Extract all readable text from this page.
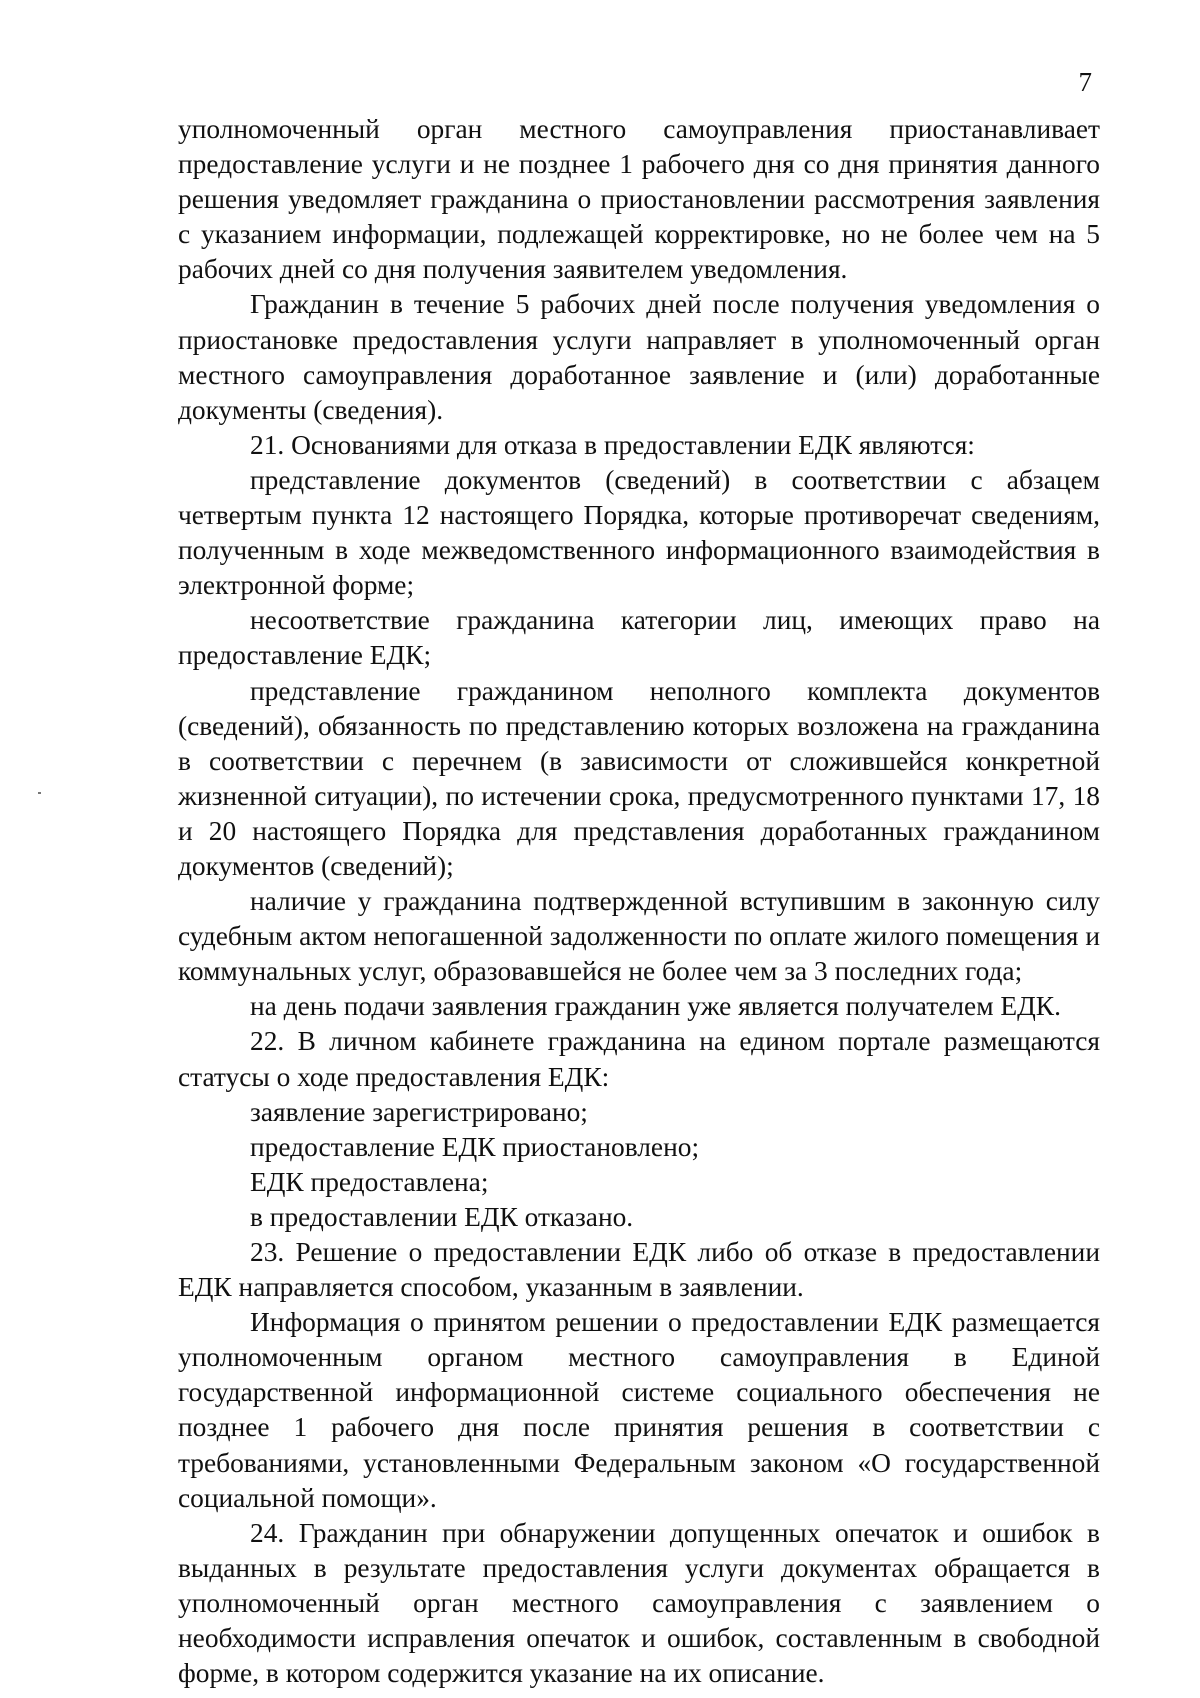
7

уполномоченный орган местного самоуправления приостанавливает предоставление услуги и не позднее 1 рабочего дня со дня принятия данного решения уведомляет гражданина о приостановлении рассмотрения заявления с указанием информации, подлежащей корректировке, но не более чем на 5 рабочих дней со дня получения заявителем уведомления.

Гражданин в течение 5 рабочих дней после получения уведомления о приостановке предоставления услуги направляет в уполномоченный орган местного самоуправления доработанное заявление и (или) доработанные документы (сведения).

21. Основаниями для отказа в предоставлении ЕДК являются:

представление документов (сведений) в соответствии с абзацем четвертым пункта 12 настоящего Порядка, которые противоречат сведениям, полученным в ходе межведомственного информационного взаимодействия в электронной форме;

несоответствие гражданина категории лиц, имеющих право на предоставление ЕДК;

представление гражданином неполного комплекта документов (сведений), обязанность по представлению которых возложена на гражданина в соответствии с перечнем (в зависимости от сложившейся конкретной жизненной ситуации), по истечении срока, предусмотренного пунктами 17, 18 и 20 настоящего Порядка для представления доработанных гражданином документов (сведений);

наличие у гражданина подтвержденной вступившим в законную силу судебным актом непогашенной задолженности по оплате жилого помещения и коммунальных услуг, образовавшейся не более чем за 3 последних года;

на день подачи заявления гражданин уже является получателем ЕДК.

22. В личном кабинете гражданина на едином портале размещаются статусы о ходе предоставления ЕДК:

заявление зарегистрировано;

предоставление ЕДК приостановлено;

ЕДК предоставлена;

в предоставлении ЕДК отказано.

23. Решение о предоставлении ЕДК либо об отказе в предоставлении ЕДК направляется способом, указанным в заявлении.

Информация о принятом решении о предоставлении ЕДК размещается уполномоченным органом местного самоуправления в Единой государственной информационной системе социального обеспечения не позднее 1 рабочего дня после принятия решения в соответствии с требованиями, установленными Федеральным законом «О государственной социальной помощи».

24. Гражданин при обнаружении допущенных опечаток и ошибок в выданных в результате предоставления услуги документах обращается в уполномоченный орган местного самоуправления с заявлением о необходимости исправления опечаток и ошибок, составленным в свободной форме, в котором содержится указание на их описание.
